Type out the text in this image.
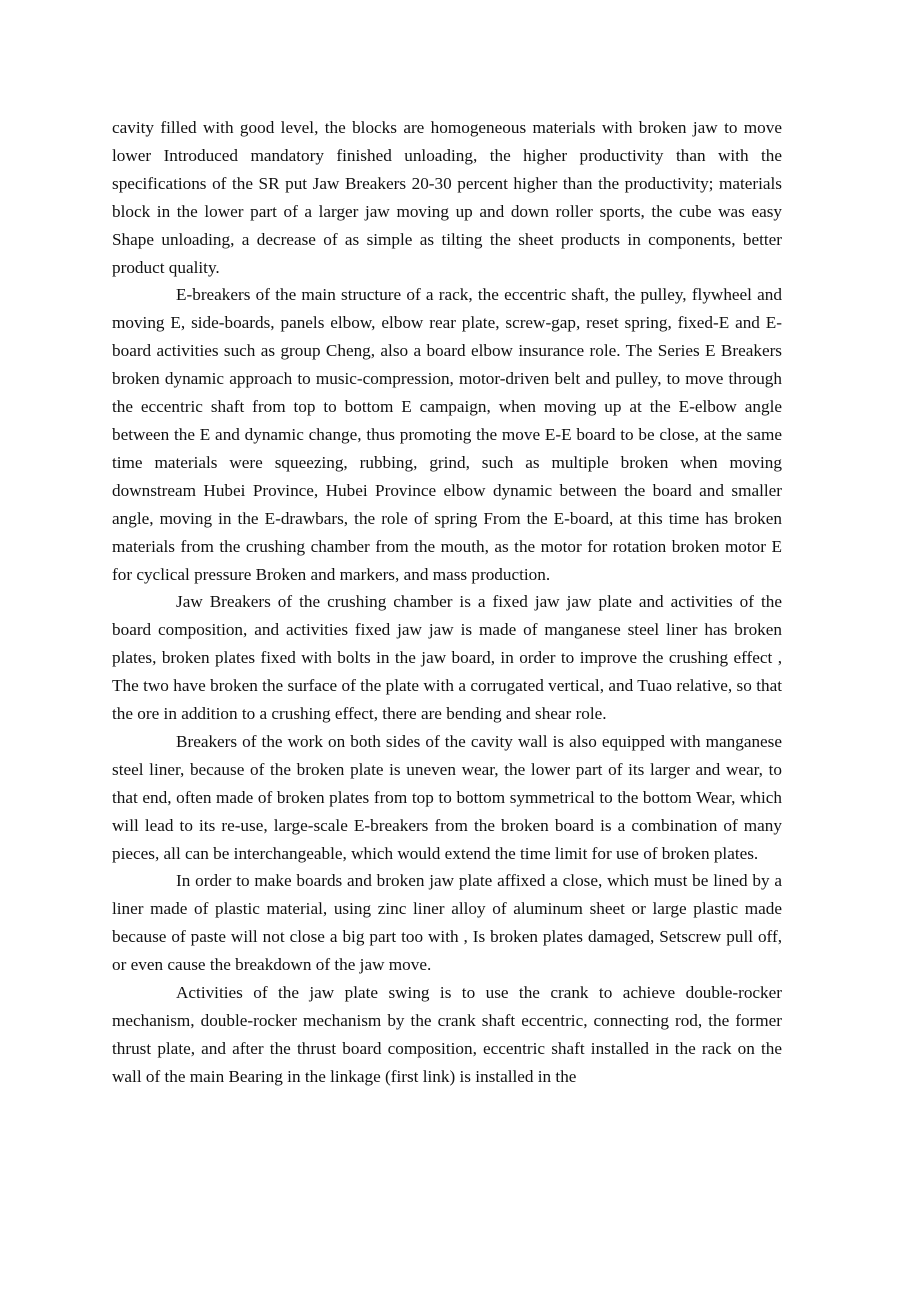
cavity filled with good level, the blocks are homogeneous materials with broken jaw to move lower Introduced mandatory finished unloading, the higher productivity than with the specifications of the SR put Jaw Breakers 20-30 percent higher than the productivity; materials block in the lower part of a larger jaw moving up and down roller sports, the cube was easy Shape unloading, a decrease of as simple as tilting the sheet products in components, better product quality.

E-breakers of the main structure of a rack, the eccentric shaft, the pulley, flywheel and moving E, side-boards, panels elbow, elbow rear plate, screw-gap, reset spring, fixed-E and E-board activities such as group Cheng, also a board elbow insurance role. The Series E Breakers broken dynamic approach to music-compression, motor-driven belt and pulley, to move through the eccentric shaft from top to bottom E campaign, when moving up at the E-elbow angle between the E and dynamic change, thus promoting the move E-E board to be close, at the same time materials were squeezing, rubbing, grind, such as multiple broken when moving downstream Hubei Province, Hubei Province elbow dynamic between the board and smaller angle, moving in the E-drawbars, the role of spring From the E-board, at this time has broken materials from the crushing chamber from the mouth, as the motor for rotation broken motor E for cyclical pressure Broken and markers, and mass production.

Jaw Breakers of the crushing chamber is a fixed jaw jaw plate and activities of the board composition, and activities fixed jaw jaw is made of manganese steel liner has broken plates, broken plates fixed with bolts in the jaw board, in order to improve the crushing effect , The two have broken the surface of the plate with a corrugated vertical, and Tuao relative, so that the ore in addition to a crushing effect, there are bending and shear role.

Breakers of the work on both sides of the cavity wall is also equipped with manganese steel liner, because of the broken plate is uneven wear, the lower part of its larger and wear, to that end, often made of broken plates from top to bottom symmetrical to the bottom Wear, which will lead to its re-use, large-scale E-breakers from the broken board is a combination of many pieces, all can be interchangeable, which would extend the time limit for use of broken plates.

In order to make boards and broken jaw plate affixed a close, which must be lined by a liner made of plastic material, using zinc liner alloy of aluminum sheet or large plastic made because of paste will not close a big part too with , Is broken plates damaged, Setscrew pull off, or even cause the breakdown of the jaw move.

Activities of the jaw plate swing is to use the crank to achieve double-rocker mechanism, double-rocker mechanism by the crank shaft eccentric, connecting rod, the former thrust plate, and after the thrust board composition, eccentric shaft installed in the rack on the wall of the main Bearing in the linkage (first link) is installed in the
